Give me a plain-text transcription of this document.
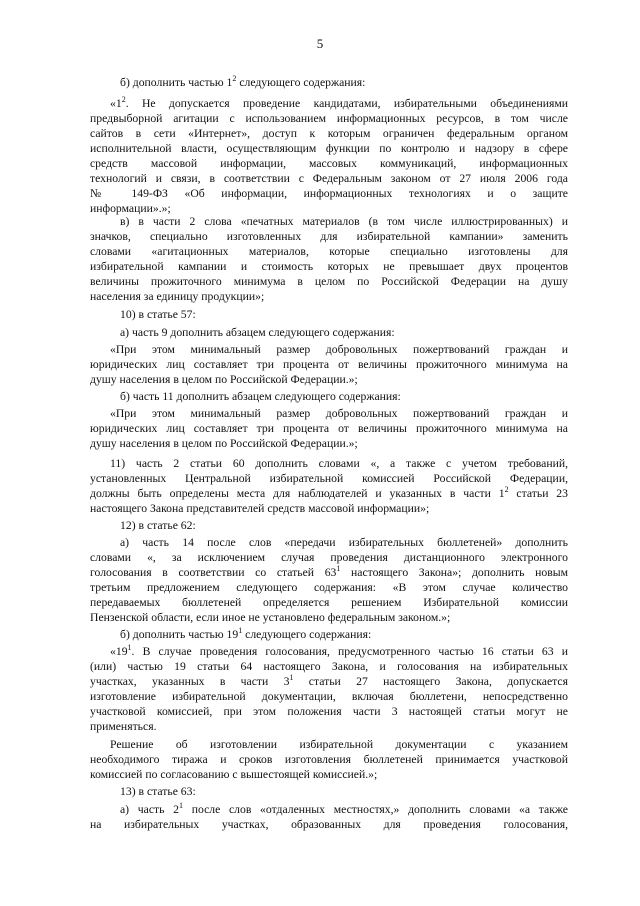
5
б) дополнить частью $1^2$ следующего содержания:
«$1^2$. Не допускается проведение кандидатами, избирательными объединениями
предвыборной агитации с использованием информационных ресурсов, в том числе
сайтов в сети «Интернет», доступ к которым ограничен федеральным органом
исполнительной власти, осуществляющим функции по контролю и надзору в сфере
средств массовой информации, массовых коммуникаций, информационных
технологий и связи, в соответствии с Федеральным законом от 27 июля 2006 года
№ 149-ФЗ «Об информации, информационных технологиях и о защите
информации».»;
в) в части 2 слова «печатных материалов (в том числе иллюстрированных) и
значков, специально изготовленных для избирательной кампании» заменить
словами «агитационных материалов, которые специально изготовлены для
избирательной кампании и стоимость которых не превышает двух процентов
величины прожиточного минимума в целом по Российской Федерации на душу
населения за единицу продукции»;
10) в статье 57:
а) часть 9 дополнить абзацем следующего содержания:
«При этом минимальный размер добровольных пожертвований граждан и
юридических лиц составляет три процента от величины прожиточного минимума на
душу населения в целом по Российской Федерации.»;
б) часть 11 дополнить абзацем следующего содержания:
«При этом минимальный размер добровольных пожертвований граждан и
юридических лиц составляет три процента от величины прожиточного минимума на
душу населения в целом по Российской Федерации.»;
11) часть 2 статьи 60 дополнить словами «, а также с учетом требований,
установленных Центральной избирательной комиссией Российской Федерации,
должны быть определены места для наблюдателей и указанных в части $1^2$ статьи 23
настоящего Закона представителей средств массовой информации»;
12) в статье 62:
а) часть 14 после слов «передачи избирательных бюллетеней» дополнить
словами «, за исключением случая проведения дистанционного электронного
голосования в соответствии со статьей $63^1$ настоящего Закона»; дополнить новым
третьим предложением следующего содержания: «В этом случае количество
передаваемых бюллетеней определяется решением Избирательной комиссии
Пензенской области, если иное не установлено федеральным законом.»;
б) дополнить частью $19^1$ следующего содержания:
«$19^1$. В случае проведения голосования, предусмотренного частью 16 статьи 63 и
(или) частью 19 статьи 64 настоящего Закона, и голосования на избирательных
участках, указанных в части $3^1$ статьи 27 настоящего Закона, допускается
изготовление избирательной документации, включая бюллетени, непосредственно
участковой комиссией, при этом положения части 3 настоящей статьи могут не
применяться.
Решение об изготовлении избирательной документации с указанием
необходимого тиража и сроков изготовления бюллетеней принимается участковой
комиссией по согласованию с вышестоящей комиссией.»;
13) в статье 63:
а) часть $2^1$ после слов «отдаленных местностях,» дополнить словами «а также
на избирательных участках, образованных для проведения голосования,
